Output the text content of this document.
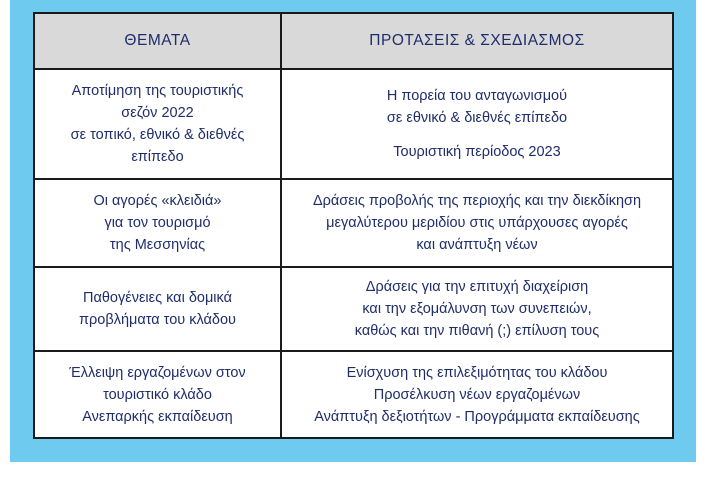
ΘΕΜΑΤΑ	ΠΡΟΤΑΣΕΙΣ & ΣΧΕΔΙΑΣΜΟΣ

Αποτίμηση της τουριστικής
σεζόν 2022
σε τοπικό, εθνικό & διεθνές
επίπεδο	Η πορεία του ανταγωνισμού
σε εθνικό & διεθνές επίπεδο
Τουριστική περίοδος 2023

Οι αγορές «κλειδιά»
για τον τουρισμό
της Μεσσηνίας	Δράσεις προβολής της περιοχής και την διεκδίκηση
μεγαλύτερου μεριδίου στις υπάρχουσες αγορές
και ανάπτυξη νέων

Παθογένειες και δομικά
προβλήματα του κλάδου	Δράσεις για την επιτυχή διαχείριση
και την εξομάλυνση των συνεπειών,
καθώς και την πιθανή (;) επίλυση τους

Έλλειψη εργαζομένων στον
τουριστικό κλάδο
Ανεπαρκής εκπαίδευση	Ενίσχυση της επιλεξιμότητας του κλάδου
Προσέλκυση νέων εργαζομένων
Ανάπτυξη δεξιοτήτων - Προγράμματα εκπαίδευσης
